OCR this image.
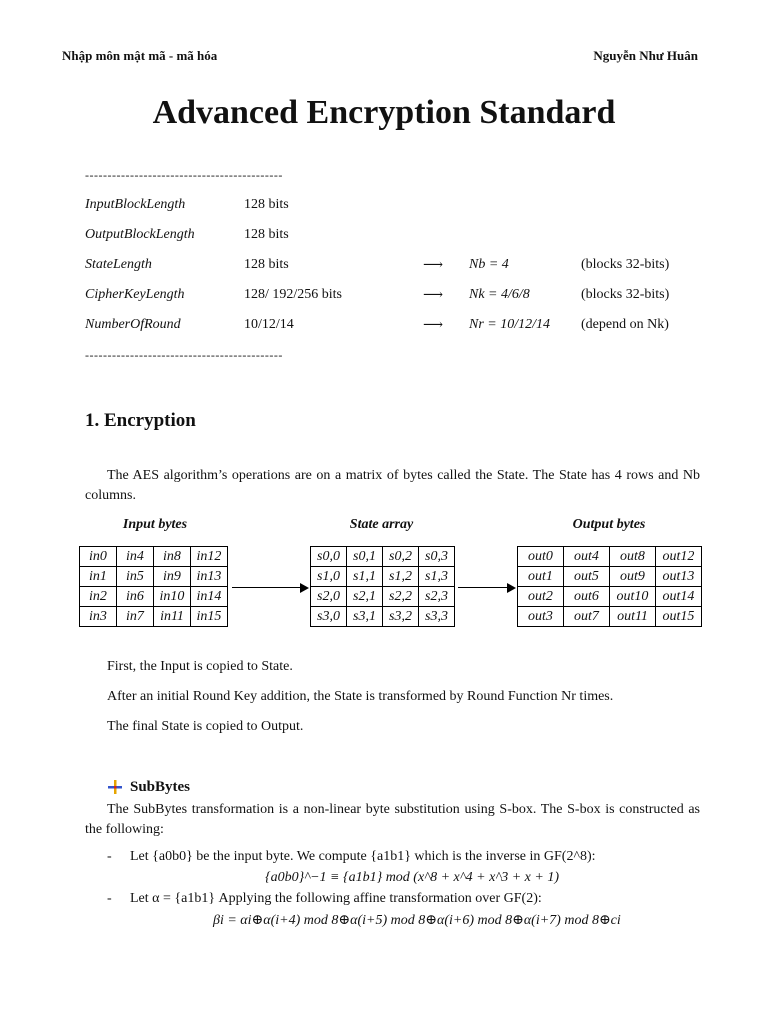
Nhập môn mật mã - mã hóa	Nguyễn Như Huân
Advanced Encryption Standard
--------------------------------------------
InputBlockLength	128 bits
OutputBlockLength	128 bits
StateLength	128 bits	⟶ Nb = 4	(blocks 32-bits)
CipherKeyLength	128/ 192/256 bits	⟶ Nk = 4/6/8	(blocks 32-bits)
NumberOfRound	10/12/14	⟶ Nr = 10/12/14 (depend on Nk)
--------------------------------------------
1. Encryption
The AES algorithm’s operations are on a matrix of bytes called the State. The State has 4 rows and Nb columns.
Input bytes	State array	Output bytes
in0	in4	in8	in12
in1	in5	in9	in13
in2	in6	in10	in14
in3	in7	in11	in15
s0,0	s0,1	s0,2	s0,3
s1,0	s1,1	s1,2	s1,3
s2,0	s2,1	s2,2	s2,3
s3,0	s3,1	s3,2	s3,3
out0	out4	out8	out12
out1	out5	out9	out13
out2	out6	out10	out14
out3	out7	out11	out15
First, the Input is copied to State.
After an initial Round Key addition, the State is transformed by Round Function Nr times.
The final State is copied to Output.
SubBytes
The SubBytes transformation is a non-linear byte substitution using S-box. The S-box is constructed as the following:
- Let {a0b0} be the input byte. We compute {a1b1} which is the inverse in GF(2^8):
{a0b0}^−1 ≡ {a1b1} mod (x^8 + x^4 + x^3 + x + 1)
- Let α = {a1b1} Applying the following affine transformation over GF(2):
βi = αi⊕α(i+4) mod 8⊕α(i+5) mod 8⊕α(i+6) mod 8⊕α(i+7) mod 8⊕ci
